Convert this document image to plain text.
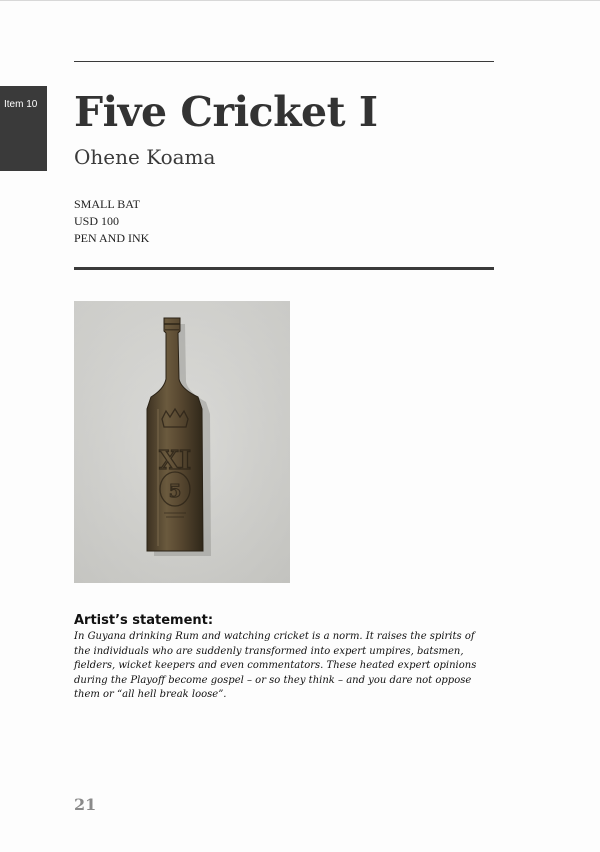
Item 10 Five Cricket I
Ohene Koama
SMALL BAT
USD 100
PEN AND INK
XI
5
Artist’s statement:
In Guyana drinking Rum and watching cricket is a norm. It raises the spirits of the individuals who are suddenly transformed into expert umpires, batsmen, fielders, wicket keepers and even commentators. These heated expert opinions during the Playoff become gospel – or so they think – and you dare not oppose them or “all hell break loose”.
21
